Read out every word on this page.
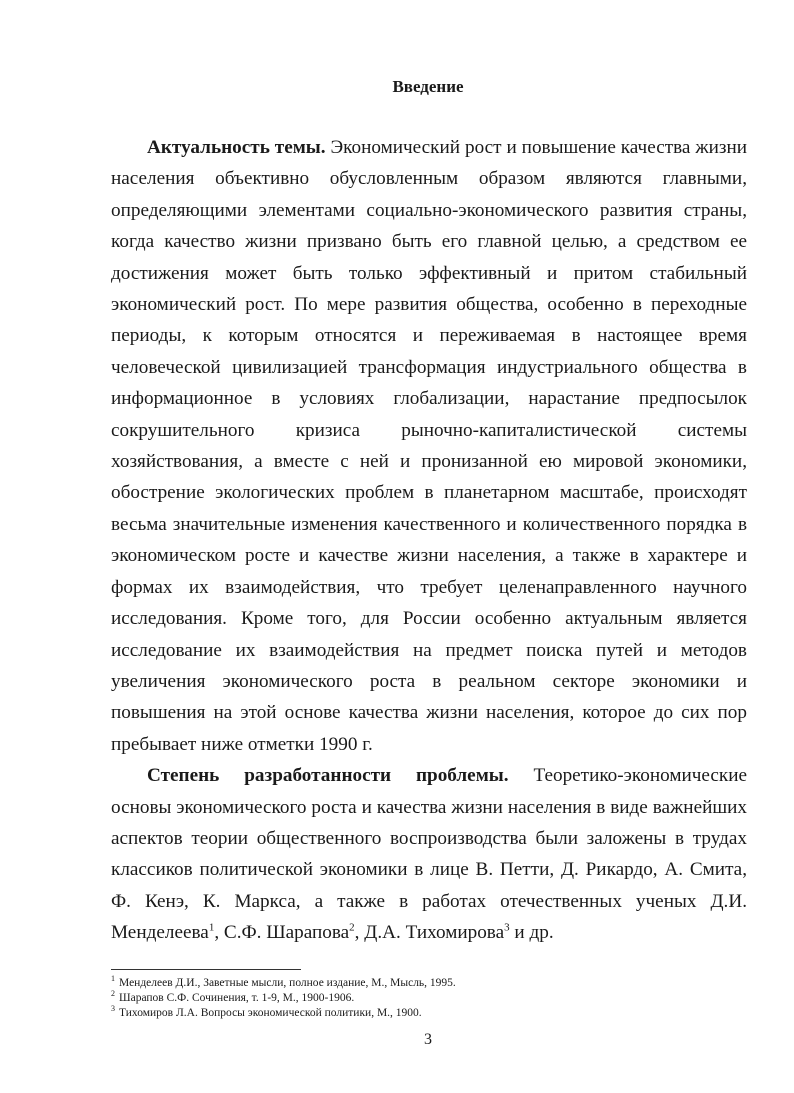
Введение

Актуальность темы. Экономический рост и повышение качества жизни населения объективно обусловленным образом являются главными, определяющими элементами социально-экономического развития страны, когда качество жизни призвано быть его главной целью, а средством ее достижения может быть только эффективный и притом стабильный экономический рост. По мере развития общества, особенно в переходные периоды, к которым относятся и переживаемая в настоящее время человеческой цивилизацией трансформация индустриального общества в информационное в условиях глобализации, нарастание предпосылок сокрушительного кризиса рыночно-капиталистической системы хозяйствования, а вместе с ней и пронизанной ею мировой экономики, обострение экологических проблем в планетарном масштабе, происходят весьма значительные изменения качественного и количественного порядка в экономическом росте и качестве жизни населения, а также в характере и формах их взаимодействия, что требует целенаправленного научного исследования. Кроме того, для России особенно актуальным является исследование их взаимодействия на предмет поиска путей и методов увеличения экономического роста в реальном секторе экономики и повышения на этой основе качества жизни населения, которое до сих пор пребывает ниже отметки 1990 г.

Степень разработанности проблемы. Теоретико-экономические основы экономического роста и качества жизни населения в виде важнейших аспектов теории общественного воспроизводства были заложены в трудах классиков политической экономики в лице В. Петти, Д. Рикардо, А. Смита, Ф. Кенэ, К. Маркса, а также в работах отечественных ученых Д.И. Менделеева$^1$, С.Ф. Шарапова$^2$, Д.А. Тихомирова$^3$ и др.

$^1$ Менделеев Д.И., Заветные мысли, полное издание, М., Мысль, 1995.
$^2$ Шарапов С.Ф. Сочинения, т. 1-9, М., 1900-1906.
$^3$ Тихомиров Л.А. Вопросы экономической политики, М., 1900.
3
